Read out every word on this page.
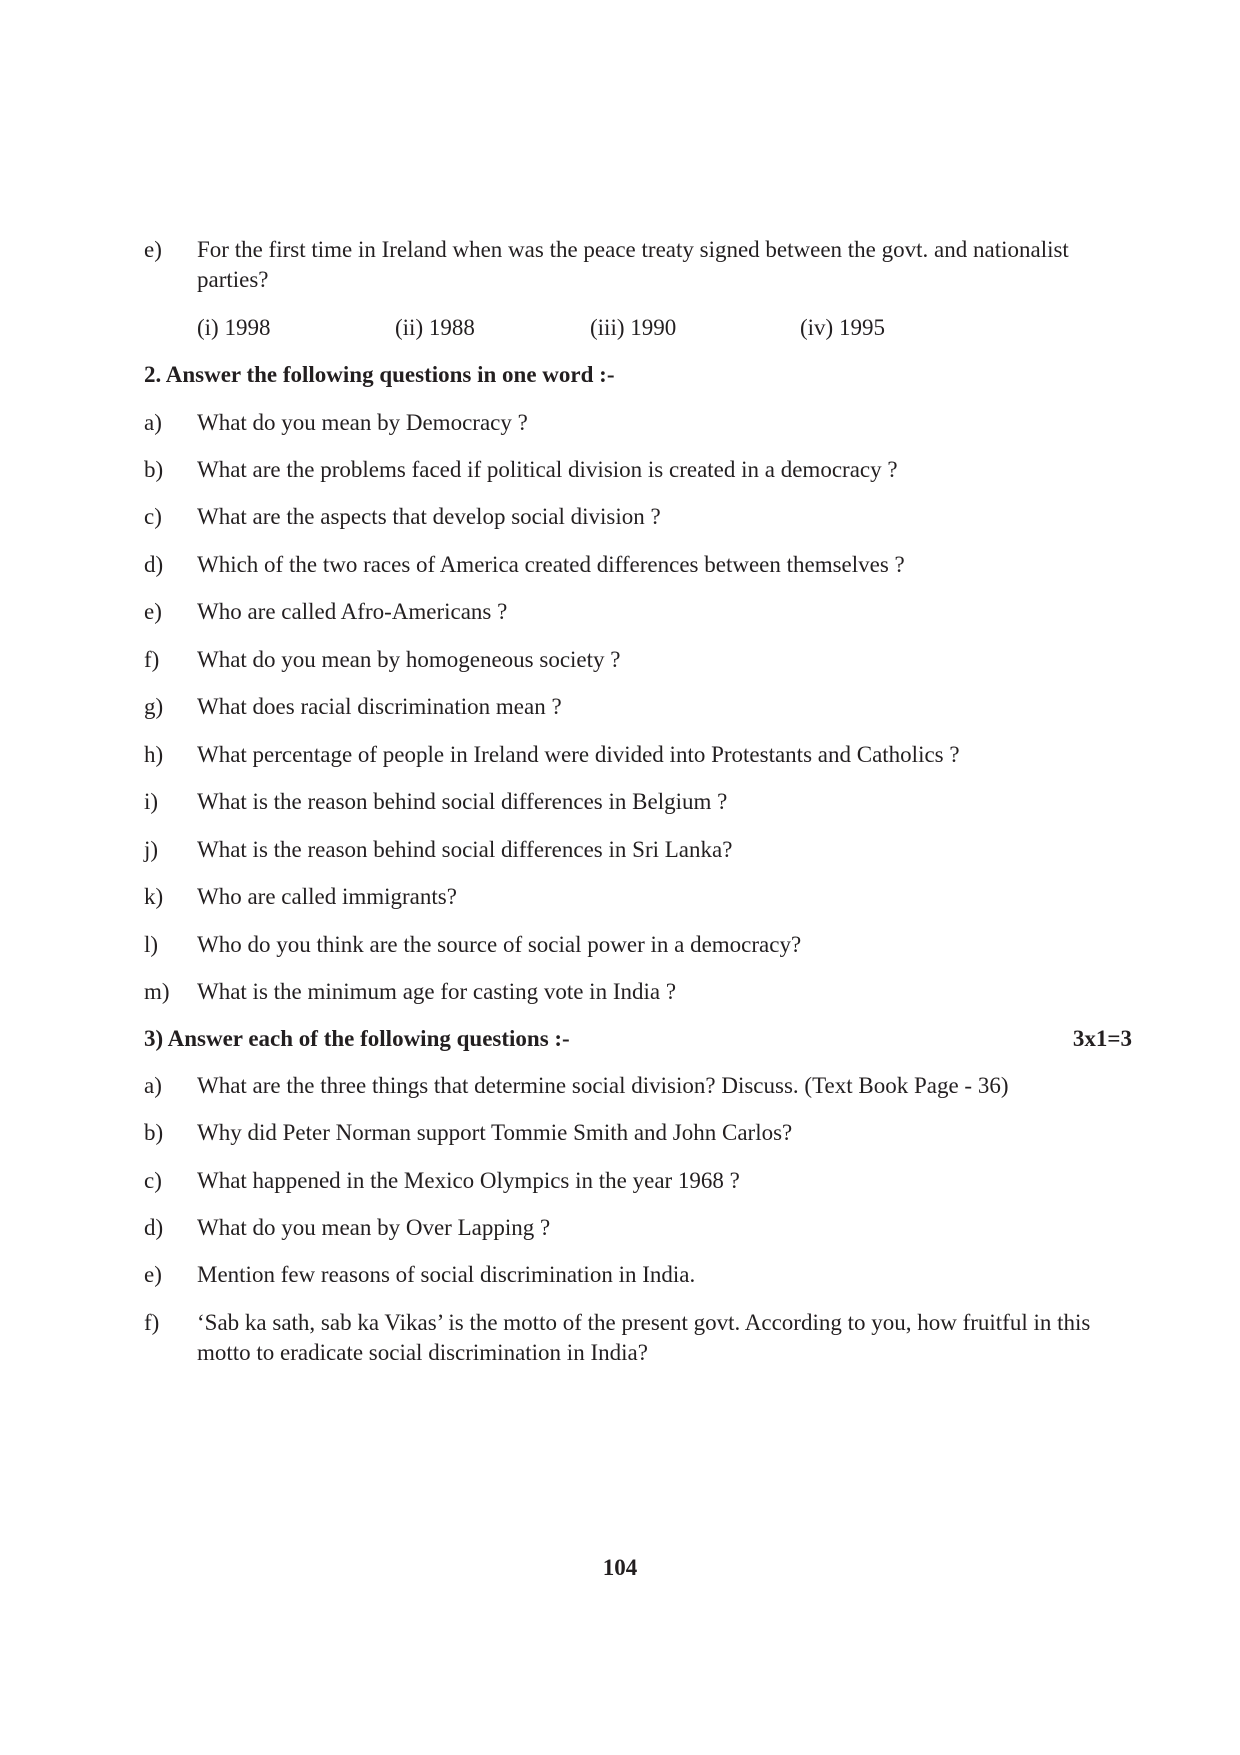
e) For the first time in Ireland when was the peace treaty signed between the govt. and nationalist parties?
(i) 1998	(ii) 1988	(iii) 1990	(iv) 1995
2. Answer the following questions in one word :-
a) What do you mean by Democracy ?
b) What are the problems faced if political division is created in a democracy ?
c) What are the aspects that develop social division ?
d) Which of the two races of America created differences between themselves ?
e) Who are called Afro-Americans ?
f) What do you mean by homogeneous society ?
g) What does racial discrimination mean ?
h) What percentage of people in Ireland were divided into Protestants and Catholics ?
i) What is the reason behind social differences in Belgium ?
j) What is the reason behind social differences in Sri Lanka?
k) Who are called immigrants?
l) Who do you think are the source of social power in a democracy?
m) What is the minimum age for casting vote in India ?
3) Answer each of the following questions :-	3x1=3
a) What are the three things that determine social division? Discuss. (Text Book Page - 36)
b) Why did Peter Norman support Tommie Smith and John Carlos?
c) What happened in the Mexico Olympics in the year 1968 ?
d) What do you mean by Over Lapping ?
e) Mention few reasons of social discrimination in India.
f) ‘Sab ka sath, sab ka Vikas’ is the motto of the present govt. According to you, how fruitful in this motto to eradicate social discrimination in India?
104
